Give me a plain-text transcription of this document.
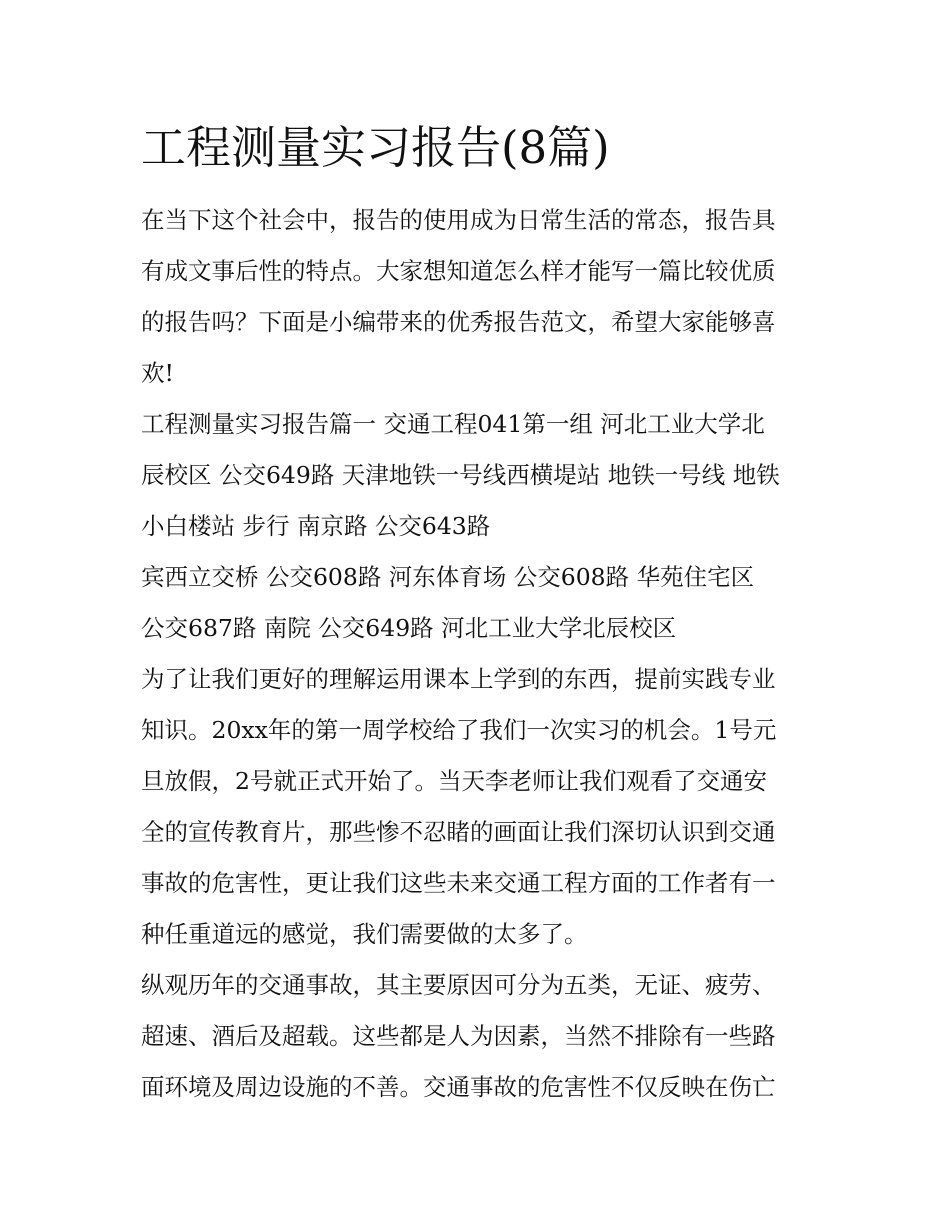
工程测量实习报告(8篇)

在当下这个社会中，报告的使用成为日常生活的常态，报告具

有成文事后性的特点。大家想知道怎么样才能写一篇比较优质

的报告吗？下面是小编带来的优秀报告范文，希望大家能够喜

欢!

工程测量实习报告篇一 交通工程041第一组 河北工业大学北

辰校区 公交649路 天津地铁一号线西横堤站 地铁一号线 地铁

小白楼站 步行 南京路 公交643路

宾西立交桥 公交608路 河东体育场 公交608路 华苑住宅区

公交687路 南院 公交649路 河北工业大学北辰校区

为了让我们更好的理解运用课本上学到的东西，提前实践专业

知识。20xx年的第一周学校给了我们一次实习的机会。1号元

旦放假，2号就正式开始了。当天李老师让我们观看了交通安

全的宣传教育片，那些惨不忍睹的画面让我们深切认识到交通

事故的危害性，更让我们这些未来交通工程方面的工作者有一

种任重道远的感觉，我们需要做的太多了。

纵观历年的交通事故，其主要原因可分为五类，无证、疲劳、

超速、酒后及超载。这些都是人为因素，当然不排除有一些路

面环境及周边设施的不善。交通事故的危害性不仅反映在伤亡
